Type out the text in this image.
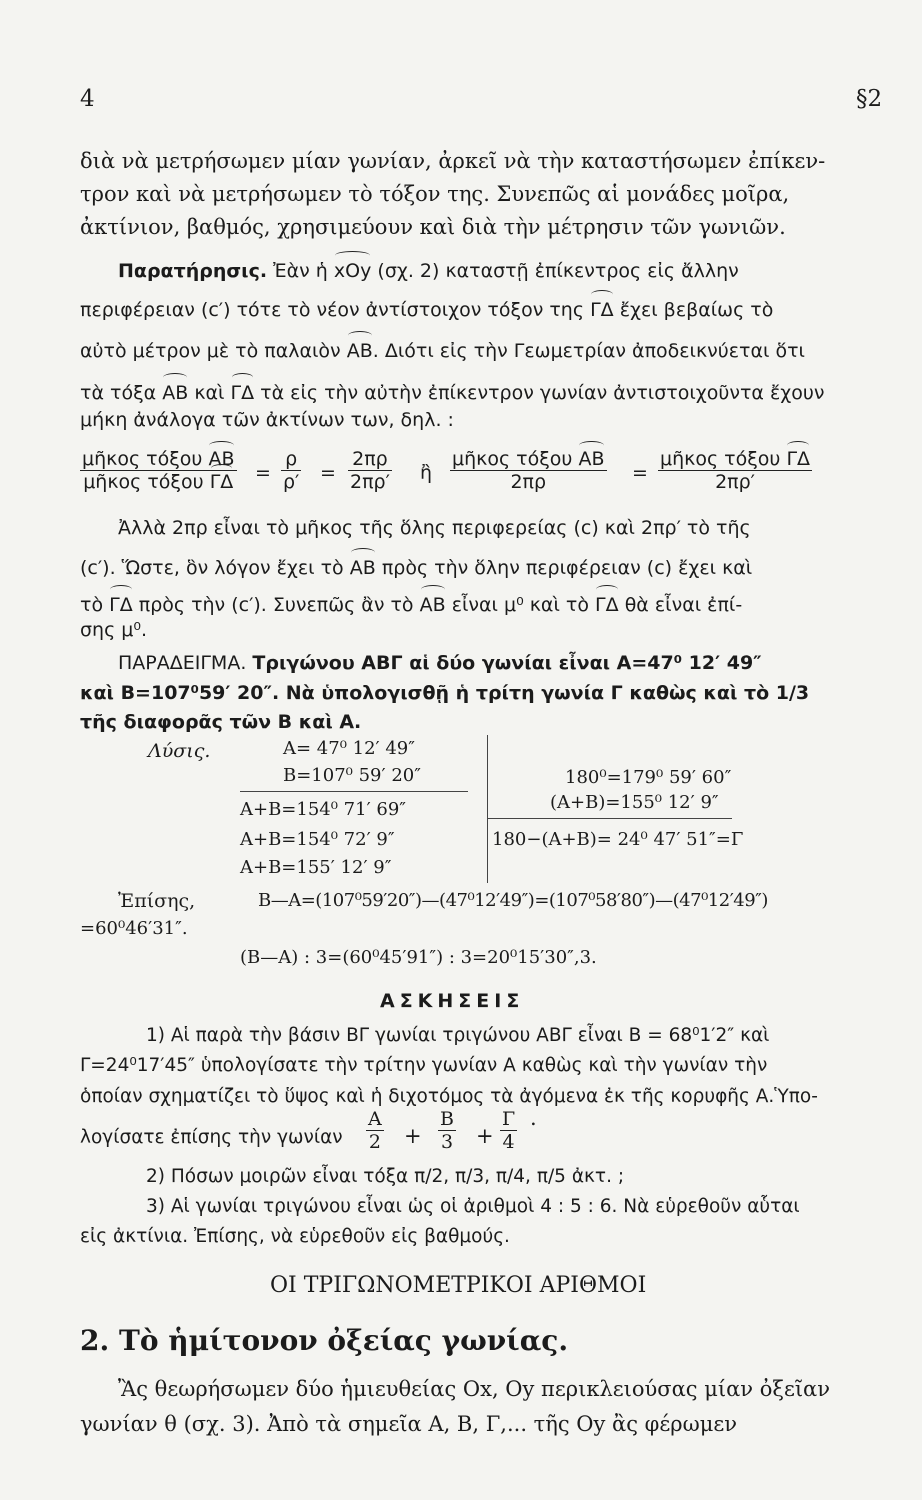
4	§2
διὰ νὰ μετρήσωμεν μίαν γωνίαν, ἀρκεῖ νὰ τὴν καταστήσωμεν ἐπίκεν-
τρον καὶ νὰ μετρήσωμεν τὸ τόξον της. Συνεπῶς αἱ μονάδες μοῖρα,
ἀκτίνιον, βαθμός, χρησιμεύουν καὶ διὰ τὴν μέτρησιν τῶν γωνιῶν.
Παρατήρησις. Ἐὰν ἡ xOy (σχ. 2) καταστῇ ἐπίκεντρος εἰς ἄλλην
περιφέρειαν (c′) τότε τὸ νέον ἀντίστοιχον τόξον της ΓΔ ἔχει βεβαίως τὸ
αὐτὸ μέτρον μὲ τὸ παλαιὸν ΑΒ. Διότι εἰς τὴν Γεωμετρίαν ἀποδεικνύεται ὅτι
τὰ τόξα ΑΒ καὶ ΓΔ τὰ εἰς τὴν αὐτὴν ἐπίκεντρον γωνίαν ἀντιστοιχοῦντα ἔχουν
μήκη ἀνάλογα τῶν ἀκτίνων των, δηλ. :
μῆκος τόξου ΑΒ
μῆκος τόξου $\Gamma\Delta = \frac{\rho}{\rho'} = \frac{2\pi\rho}{2\pi\rho'}$ ἢ
μῆκος τόξου ΑΒ
2πρ	=
μῆκος τόξου ΓΔ
2πρ′
Ἀλλὰ 2πρ εἶναι τὸ μῆκος τῆς ὅλης περιφερείας (c) καὶ 2πρ′ τὸ τῆς
(c′). Ὥστε, ὃν λόγον ἔχει τὸ ΑΒ πρὸς τὴν ὅλην περιφέρειαν (c) ἔχει καὶ
τὸ ΓΔ πρὸς τὴν (c′). Συνεπῶς ἂν τὸ ΑΒ εἶναι μ⁰ καὶ τὸ ΓΔ θὰ εἶναι ἐπί-
σης μ⁰.
ΠΑΡΑΔΕΙΓΜΑ. Τριγώνου ΑΒΓ αἱ δύο γωνίαι εἶναι Α=47⁰ 12′ 49″
καὶ Β=107⁰59′ 20″. Νὰ ὑπολογισθῇ ἡ τρίτη γωνία Γ καθὼς καὶ τὸ 1/3
τῆς διαφορᾶς τῶν Β καὶ Α.
Λύσις.	Α= 47⁰ 12′ 49″
Β=107⁰ 59′ 20″
Α+Β=154⁰ 71′ 69″
Α+Β=154⁰ 72′ 9″
Α+Β=155′ 12′ 9″
180⁰=179⁰ 59′ 60″
(Α+Β)=155⁰ 12′ 9″
180−(Α+Β)= 24⁰ 47′ 51″=Γ
Ἐπίσης,	Β—Α=(107⁰59′20″)—(47⁰12′49″)=(107⁰58′80″)—(47⁰12′49″)
=60⁰46′31″.
(Β—Α) : 3=(60⁰45′91″) : 3=20⁰15′30″,3.
ΑΣΚΗΣΕΙΣ
1) Αἱ παρὰ τὴν βάσιν ΒΓ γωνίαι τριγώνου ΑΒΓ εἶναι Β = 68⁰1′2″ καὶ
Γ=24⁰17′45″ ὑπολογίσατε τὴν τρίτην γωνίαν Α καθὼς καὶ τὴν γωνίαν τὴν
ὁποίαν σχηματίζει τὸ ὕψος καὶ ἡ διχοτόμος τὰ ἀγόμενα ἐκ τῆς κορυφῆς Α.Ὑπο-
λογίσατε ἐπίσης τὴν γωνίαν $\frac{A}{2} + \frac{B}{3} + \frac{\Gamma}{4}$ .
2) Πόσων μοιρῶν εἶναι τόξα π/2, π/3, π/4, π/5 ἀκτ. ;
3) Αἱ γωνίαι τριγώνου εἶναι ὡς οἱ ἀριθμοὶ 4 : 5 : 6. Νὰ εὑρεθοῦν αὗται
εἰς ἀκτίνια. Ἐπίσης, νὰ εὑρεθοῦν εἰς βαθμούς.
ΟΙ ΤΡΙΓΩΝΟΜΕΤΡΙΚΟΙ ΑΡΙΘΜΟΙ
2. Τὸ ἡμίτονον ὀξείας γωνίας.
Ἂς θεωρήσωμεν δύο ἡμιευθείας Οx, Οy περικλειούσας μίαν ὀξεῖαν
γωνίαν θ (σχ. 3). Ἀπὸ τὰ σημεῖα Α, Β, Γ,... τῆς Οy ἂς φέρωμεν
